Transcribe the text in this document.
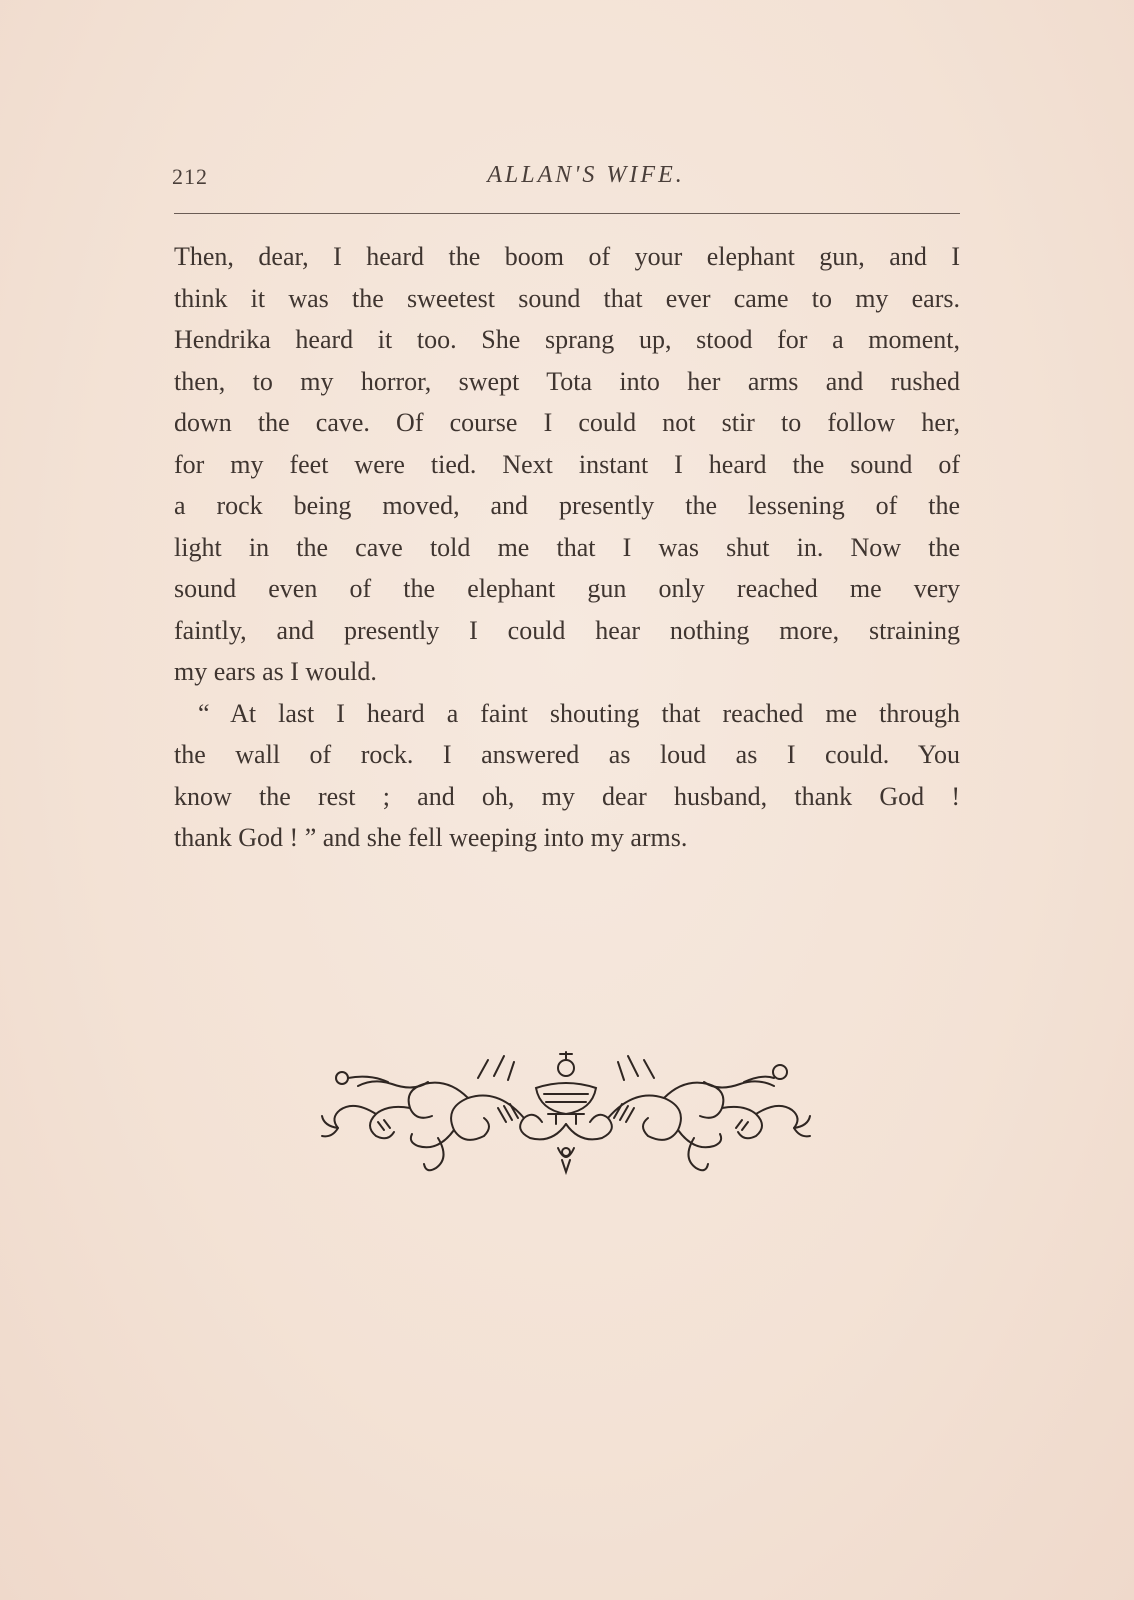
212	ALLAN'S WIFE.
Then, dear, I heard the boom of your elephant gun, and I
think it was the sweetest sound that ever came to my ears.
Hendrika heard it too. She sprang up, stood for a moment,
then, to my horror, swept Tota into her arms and rushed
down the cave. Of course I could not stir to follow her,
for my feet were tied. Next instant I heard the sound of
a rock being moved, and presently the lessening of the
light in the cave told me that I was shut in. Now the
sound even of the elephant gun only reached me very
faintly, and presently I could hear nothing more, straining
my ears as I would.
“ At last I heard a faint shouting that reached me through
the wall of rock. I answered as loud as I could. You
know the rest ; and oh, my dear husband, thank God !
thank God ! ” and she fell weeping into my arms.
